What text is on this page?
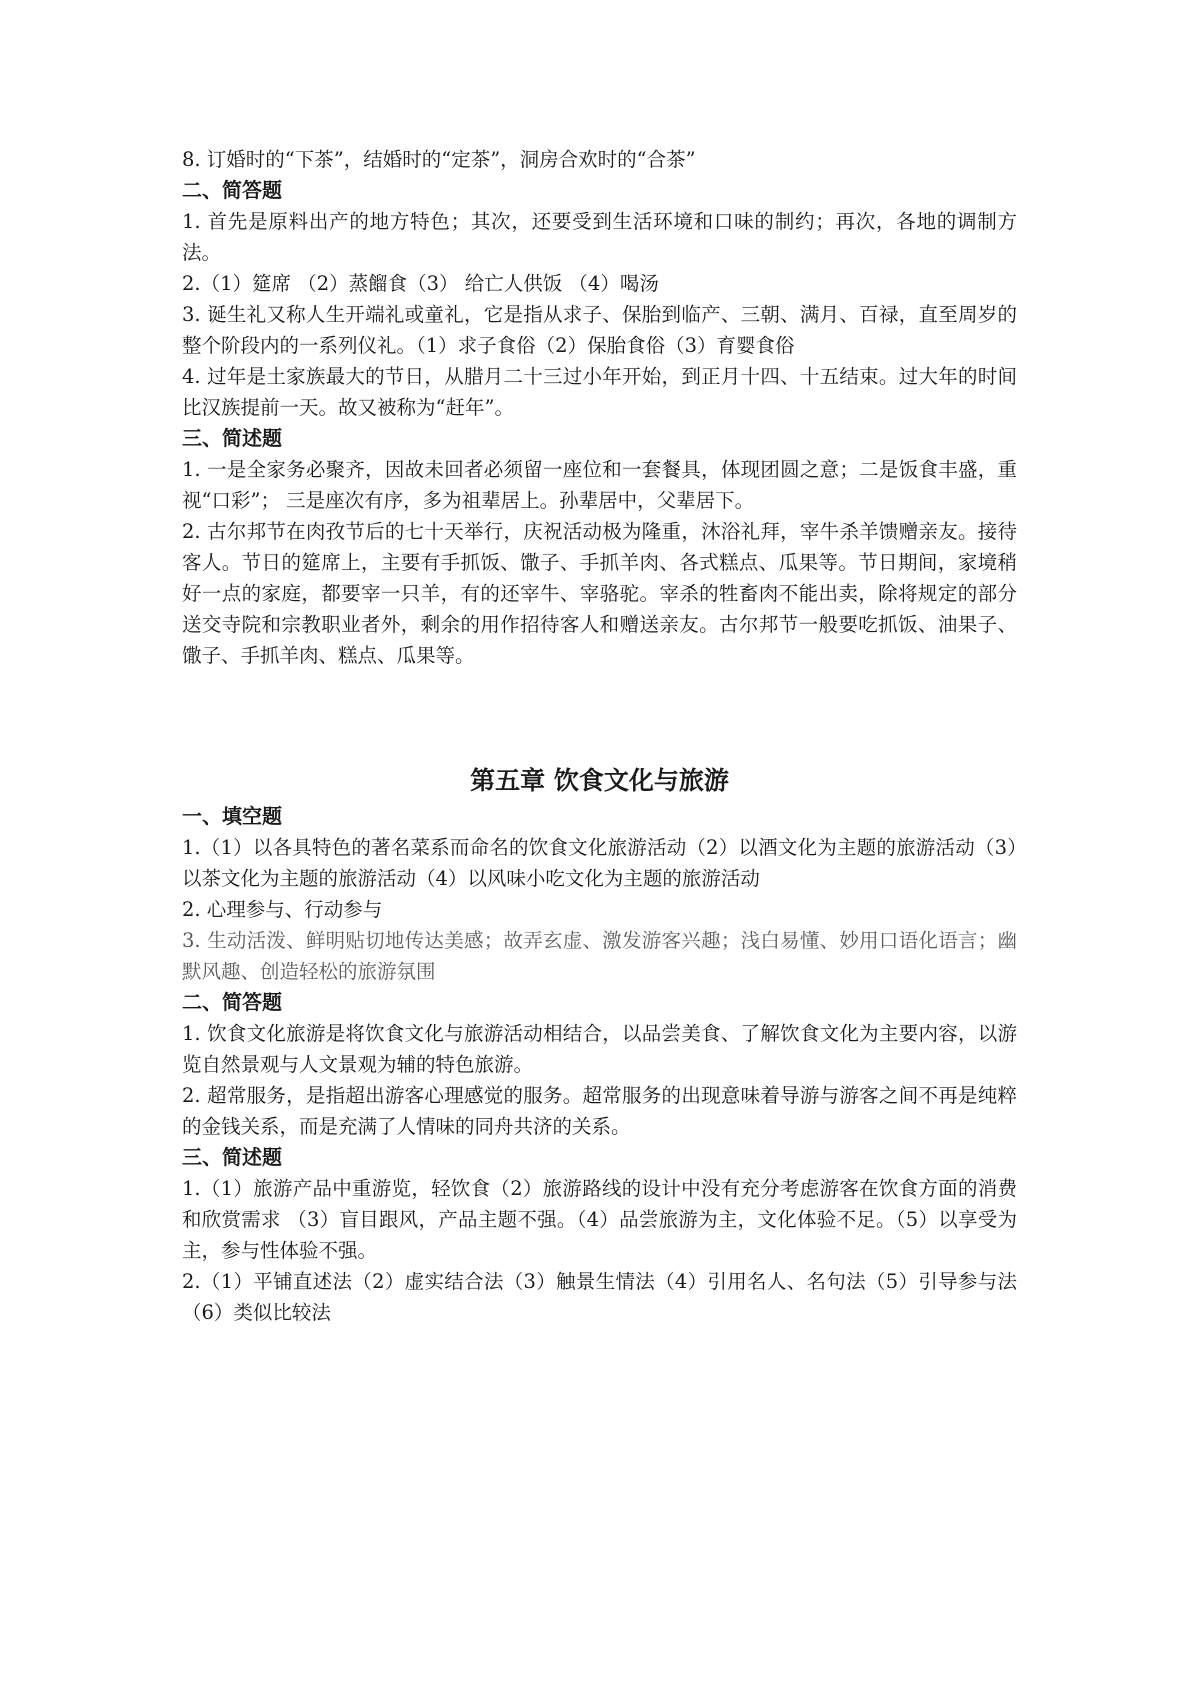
8. 订婚时的“下茶”，结婚时的“定茶”，洞房合欢时的“合茶”

二、简答题

1. 首先是原料出产的地方特色；其次，还要受到生活环境和口味的制约；再次，各地的调制方法。

2.（1）筵席 （2）蒸餾食（3） 给亡人供饭 （4）喝汤

3. 诞生礼又称人生开端礼或童礼，它是指从求子、保胎到临产、三朝、满月、百禄，直至周岁的整个阶段内的一系列仪礼。（1）求子食俗（2）保胎食俗（3）育婴食俗

4. 过年是土家族最大的节日，从腊月二十三过小年开始，到正月十四、十五结束。过大年的时间比汉族提前一天。故又被称为“赶年”。

三、简述题

1. 一是全家务必聚齐，因故未回者必须留一座位和一套餐具，体现团圆之意；二是饭食丰盛，重视“口彩”； 三是座次有序，多为祖辈居上。孙辈居中，父辈居下。

2. 古尔邦节在肉孜节后的七十天举行，庆祝活动极为隆重，沐浴礼拜，宰牛杀羊馈赠亲友。接待客人。节日的筵席上，主要有手抓饭、馓子、手抓羊肉、各式糕点、瓜果等。节日期间，家境稍好一点的家庭，都要宰一只羊，有的还宰牛、宰骆驼。宰杀的牲畜肉不能出卖，除将规定的部分送交寺院和宗教职业者外，剩余的用作招待客人和赠送亲友。古尔邦节一般要吃抓饭、油果子、馓子、手抓羊肉、糕点、瓜果等。

第五章 饮食文化与旅游

一、填空题

1.（1）以各具特色的著名菜系而命名的饮食文化旅游活动（2）以酒文化为主题的旅游活动（3）以茶文化为主题的旅游活动（4）以风味小吃文化为主题的旅游活动

2. 心理参与、行动参与

3. 生动活泼、鲜明贴切地传达美感；故弄玄虚、激发游客兴趣；浅白易懂、妙用口语化语言；幽默风趣、创造轻松的旅游氛围

二、简答题

1. 饮食文化旅游是将饮食文化与旅游活动相结合，以品尝美食、了解饮食文化为主要内容，以游览自然景观与人文景观为辅的特色旅游。

2. 超常服务，是指超出游客心理感觉的服务。超常服务的出现意味着导游与游客之间不再是纯粹的金钱关系，而是充满了人情味的同舟共济的关系。

三、简述题

1.（1）旅游产品中重游览，轻饮食（2）旅游路线的设计中没有充分考虑游客在饮食方面的消费和欣赏需求 （3）盲目跟风，产品主题不强。（4）品尝旅游为主，文化体验不足。（5）以享受为主，参与性体验不强。

2.（1）平铺直述法（2）虚实结合法（3）触景生情法（4）引用名人、名句法（5）引导参与法（6）类似比较法
